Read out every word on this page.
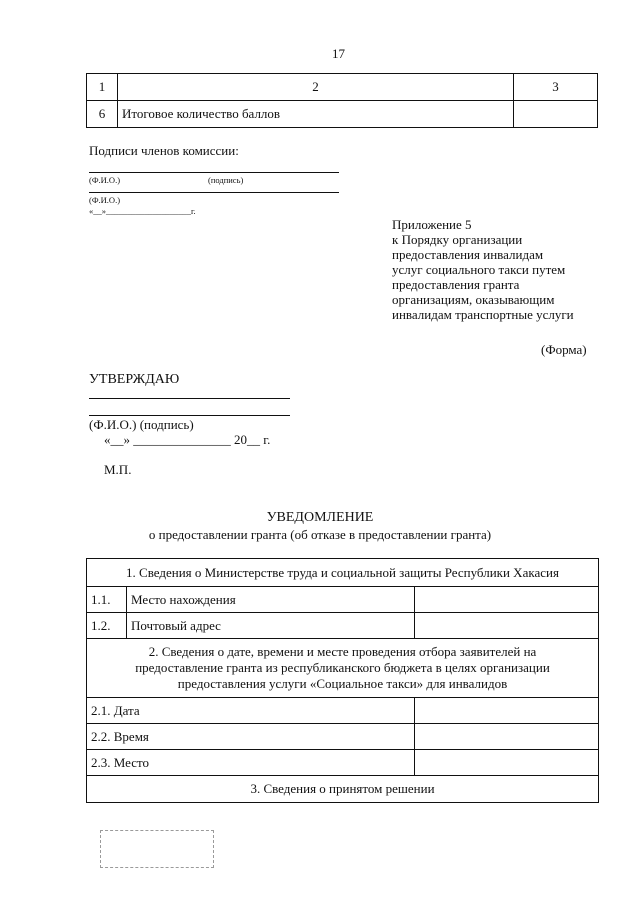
17
1	2	3
6	Итоговое количество баллов	
Подписи членов комиссии:
(Ф.И.О.)	(подпись)
(Ф.И.О.)
«__»____________________г.
Приложение 5
к Порядку организации
предоставления инвалидам
услуг социального такси путем
предоставления гранта
организациям, оказывающим
инвалидам транспортные услуги
(Форма)
УТВЕРЖДАЮ
(Ф.И.О.) (подпись)
«__» _______________ 20__ г.
М.П.
УВЕДОМЛЕНИЕ
о предоставлении гранта (об отказе в предоставлении гранта)
1. Сведения о Министерстве труда и социальной защиты Республики Хакасия		
1.1.	Место нахождения	
1.2.	Почтовый адрес	

2. Сведения о дате, времени и месте проведения отбора заявителей на
предоставление гранта из республиканского бюджета в целях организации
предоставления услуги «Социальное такси» для инвалидов		

2.1. Дата		
2.2. Время		
2.3. Место		
3. Сведения о принятом решении		
